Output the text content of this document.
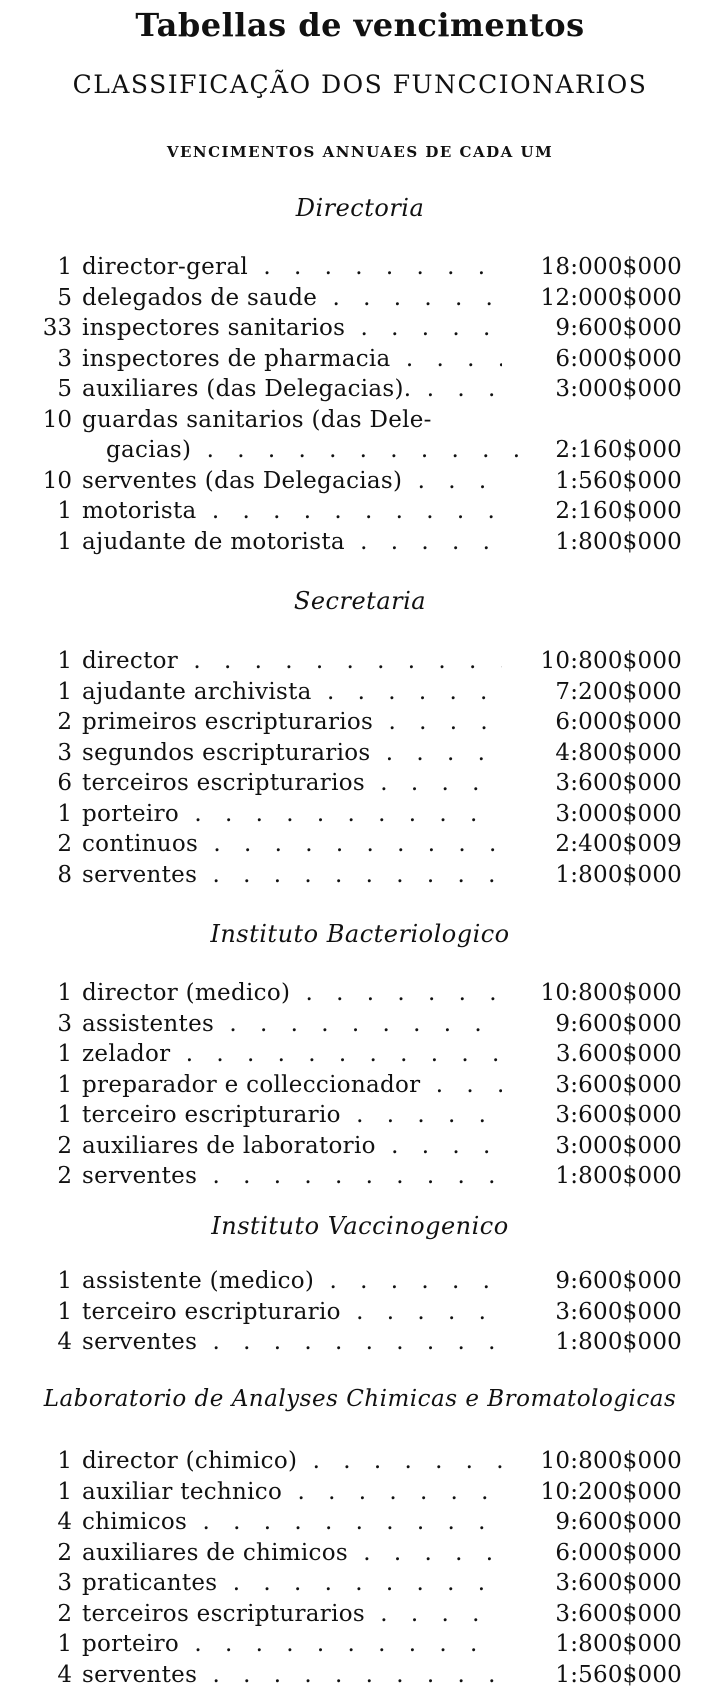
Tabellas de vencimentos
CLASSIFICAÇÃO DOS FUNCCIONARIOS
VENCIMENTOS ANNUAES DE CADA UM
Directoria
1 director-geral . . .	18:000$000
5 delegados de saude . . .	12:000$000
33 inspectores sanitarios . . .	9:600$000
3 inspectores de pharmacia . . .	6:000$000
5 auxiliares (das Delegacias). . . .	3:000$000
10 guardas sanitarios (das Dele-
gacias) . . .	2:160$000
10 serventes (das Delegacias) . . .	1:560$000
1 motorista . . .	2:160$000
1 ajudante de motorista . . .	1:800$000
Secretaria
1 director . . .	10:800$000
1 ajudante archivista . . .	7:200$000
2 primeiros escripturarios . . .	6:000$000
3 segundos escripturarios . . .	4:800$000
6 terceiros escripturarios . . .	3:600$000
1 porteiro . . .	3:000$000
2 continuos . . .	2:400$009
8 serventes . . .	1:800$000
Instituto Bacteriologico
1 director (medico) . . .	10:800$000
3 assistentes . . .	9:600$000
1 zelador . . .	3.600$000
1 preparador e colleccionador . . .	3:600$000
1 terceiro escripturario . . .	3:600$000
2 auxiliares de laboratorio . . .	3:000$000
2 serventes . . .	1:800$000
Instituto Vaccinogenico
1 assistente (medico) . . .	9:600$000
1 terceiro escripturario . . .	3:600$000
4 serventes . . .	1:800$000
Laboratorio de Analyses Chimicas e Bromatologicas
1 director (chimico) . . .	10:800$000
1 auxiliar technico . . .	10:200$000
4 chimicos . . .	9:600$000
2 auxiliares de chimicos . . .	6:000$000
3 praticantes . . .	3:600$000
2 terceiros escripturarios . . .	3:600$000
1 porteiro . . .	1:800$000
4 serventes . . .	1:560$000
